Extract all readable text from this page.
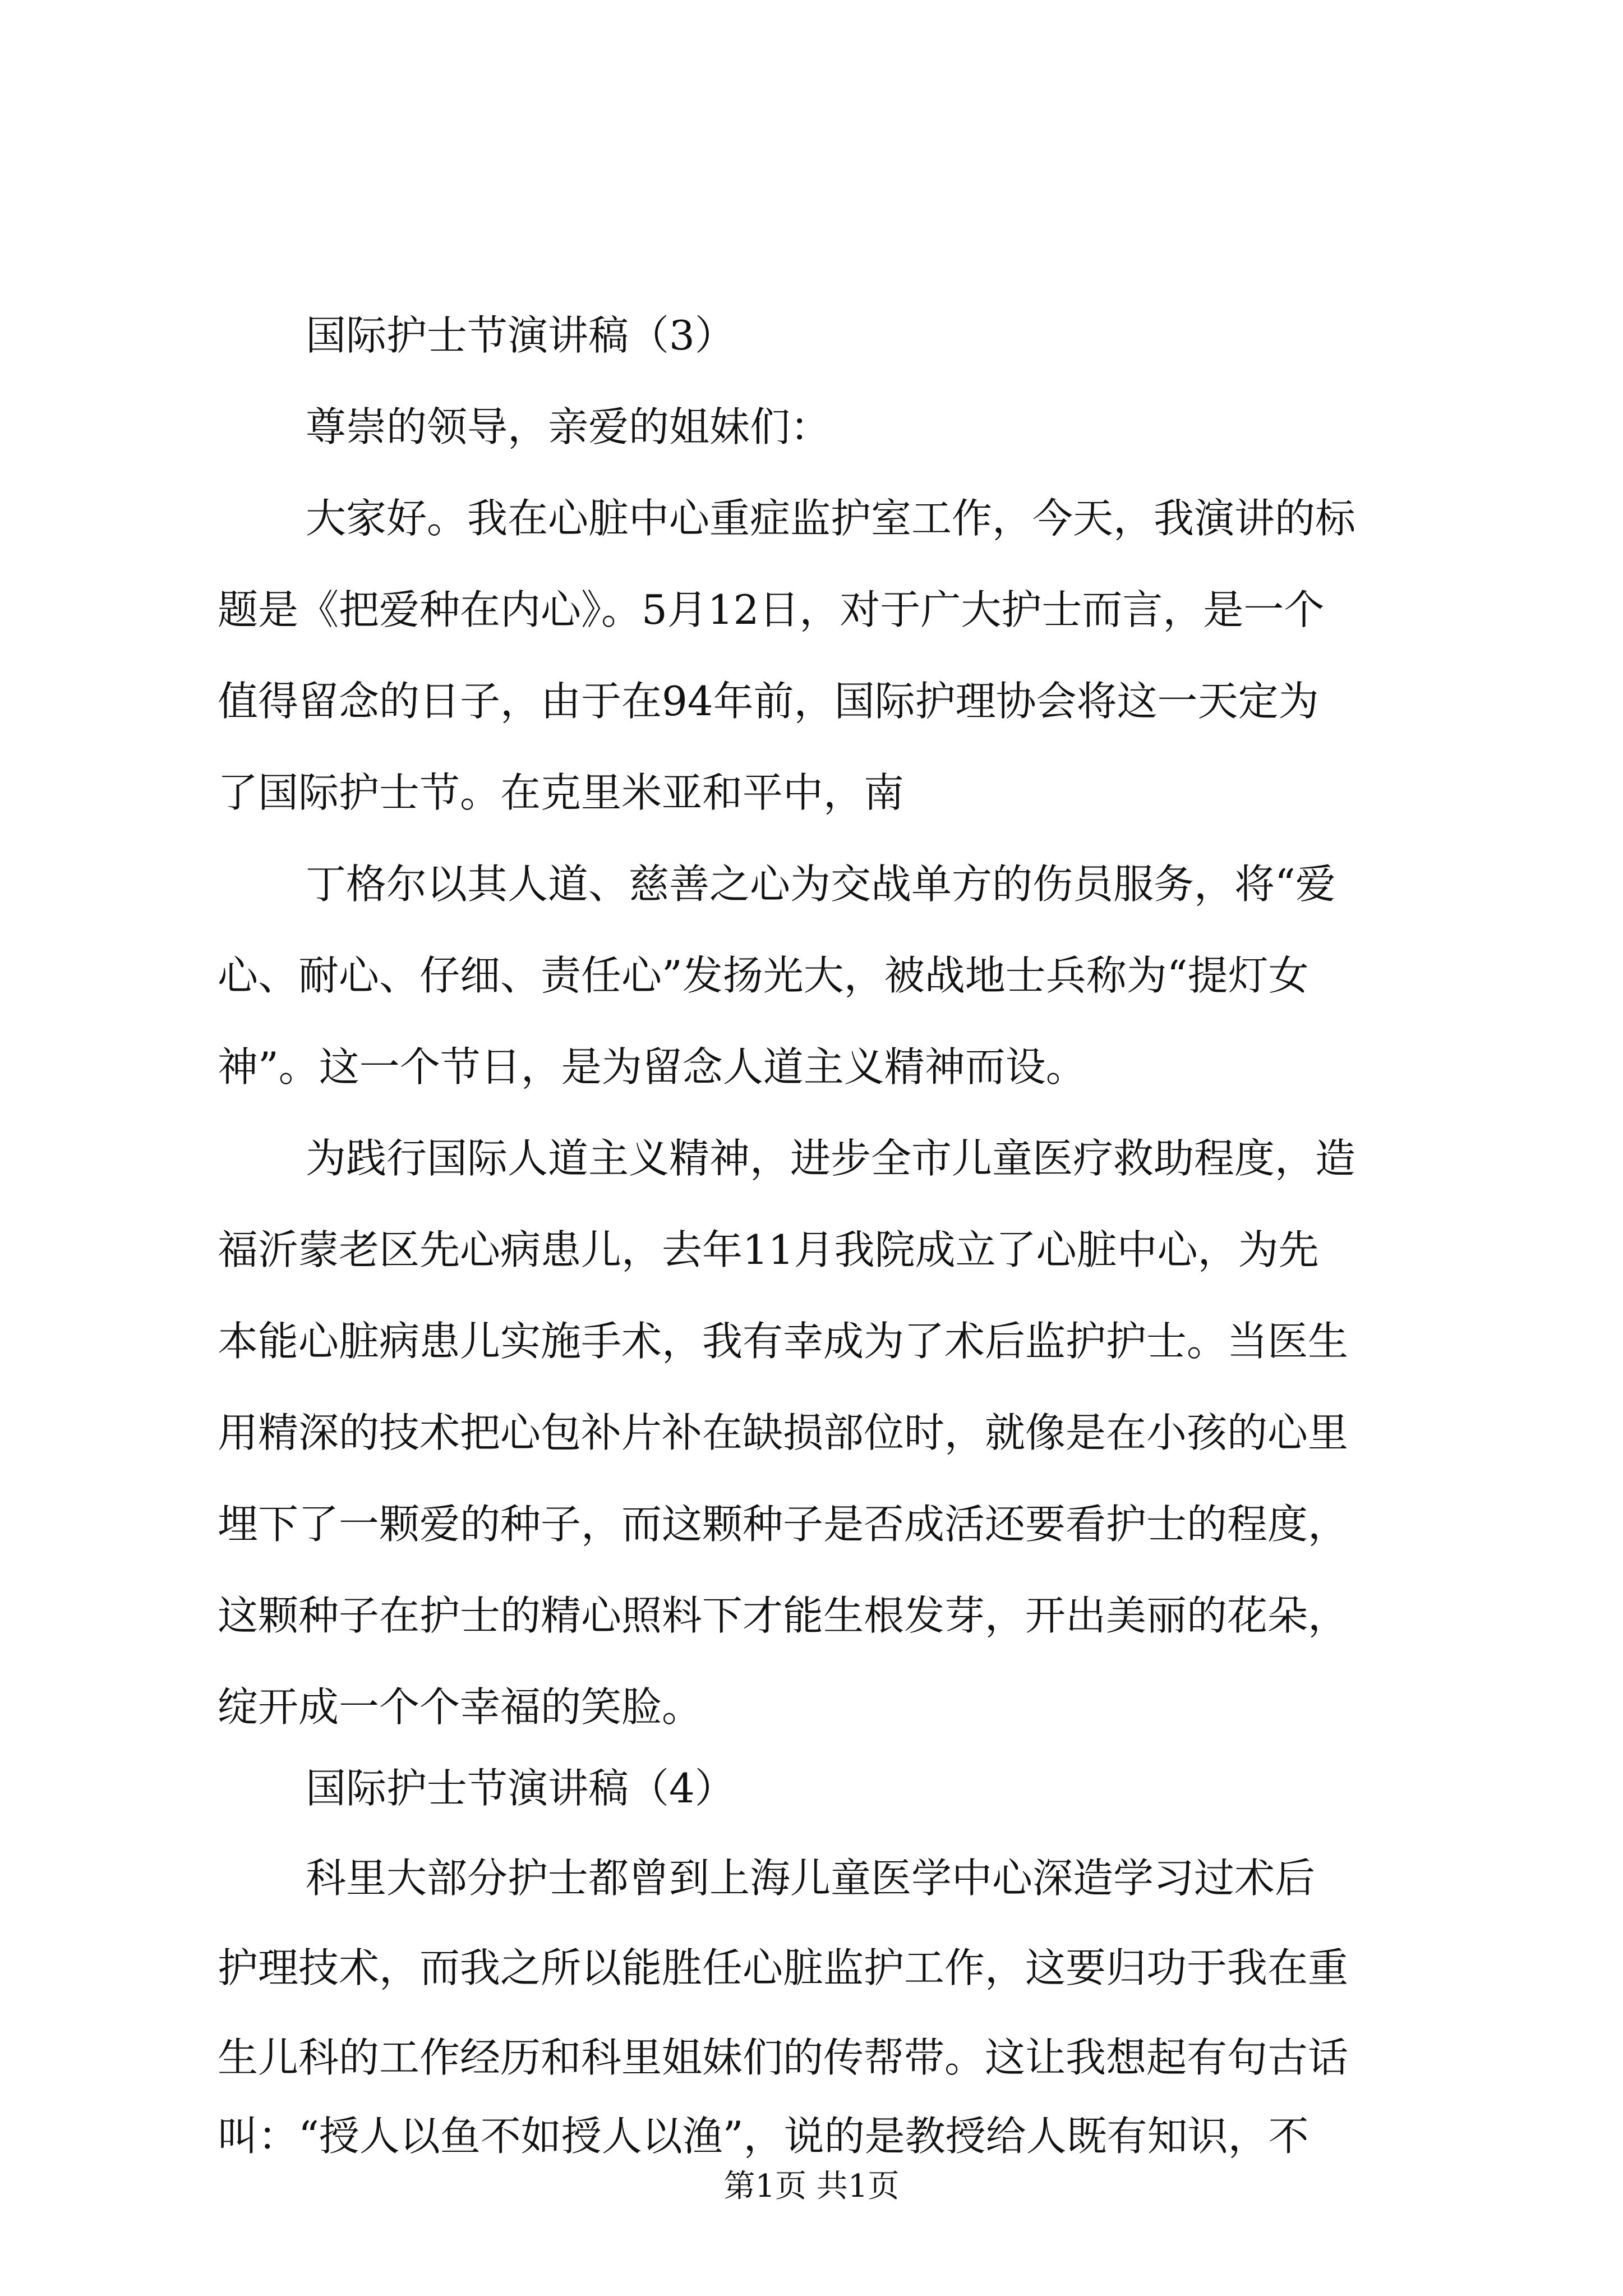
国际护士节演讲稿（3）
尊崇的领导，亲爱的姐妹们：
大家好。我在心脏中心重症监护室工作，今天，我演讲的标
题是《把爱种在内心》。5月12日，对于广大护士而言，是一个
值得留念的日子，由于在94年前，国际护理协会将这一天定为
了国际护士节。在克里米亚和平中，南
丁格尔以其人道、慈善之心为交战单方的伤员服务，将“爱
心、耐心、仔细、责任心”发扬光大，被战地士兵称为“提灯女
神”。这一个节日，是为留念人道主义精神而设。
为践行国际人道主义精神，进步全市儿童医疗救助程度，造
福沂蒙老区先心病患儿，去年11月我院成立了心脏中心，为先
本能心脏病患儿实施手术，我有幸成为了术后监护护士。当医生
用精深的技术把心包补片补在缺损部位时，就像是在小孩的心里
埋下了一颗爱的种子，而这颗种子是否成活还要看护士的程度，
这颗种子在护士的精心照料下才能生根发芽，开出美丽的花朵，
绽开成一个个幸福的笑脸。
国际护士节演讲稿（4）
科里大部分护士都曾到上海儿童医学中心深造学习过术后
护理技术，而我之所以能胜任心脏监护工作，这要归功于我在重
生儿科的工作经历和科里姐妹们的传帮带。这让我想起有句古话
叫：“授人以鱼不如授人以渔”，说的是教授给人既有知识，不
第1页 共1页
